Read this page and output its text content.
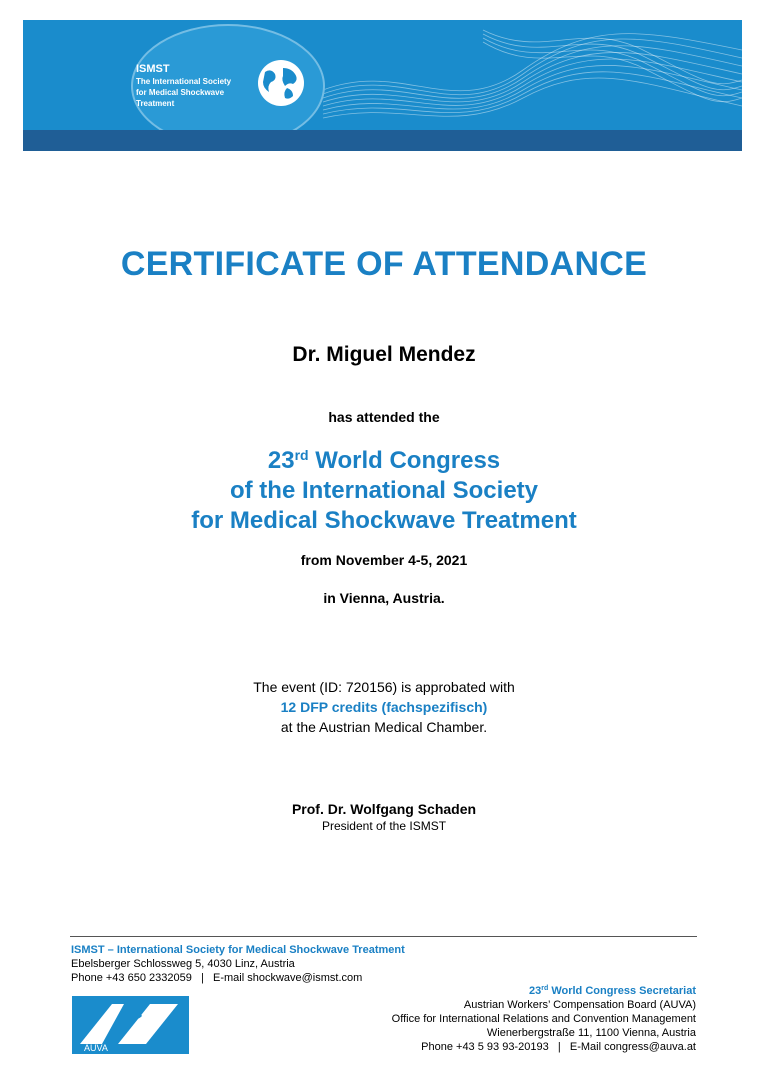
ISMST
The International Society
for Medical Shockwave
Treatment
CERTIFICATE OF ATTENDANCE
Dr. Miguel Mendez
has attended the
23rd World Congress
of the International Society
for Medical Shockwave Treatment
from November 4-5, 2021
in Vienna, Austria.
The event (ID: 720156) is approbated with
12 DFP credits (fachspezifisch)
at the Austrian Medical Chamber.
Prof. Dr. Wolfgang Schaden
President of the ISMST
ISMST – International Society for Medical Shockwave Treatment
Ebelsberger Schlossweg 5, 4030 Linz, Austria
Phone +43 650 2332059   |   E-mail shockwave@ismst.com
23rd World Congress Secretariat
Austrian Workers’ Compensation Board (AUVA)
Office for International Relations and Convention Management
Wienerbergstraße 11, 1100 Vienna, Austria
Phone +43 5 93 93-20193   |   E-Mail congress@auva.at
AUVA
